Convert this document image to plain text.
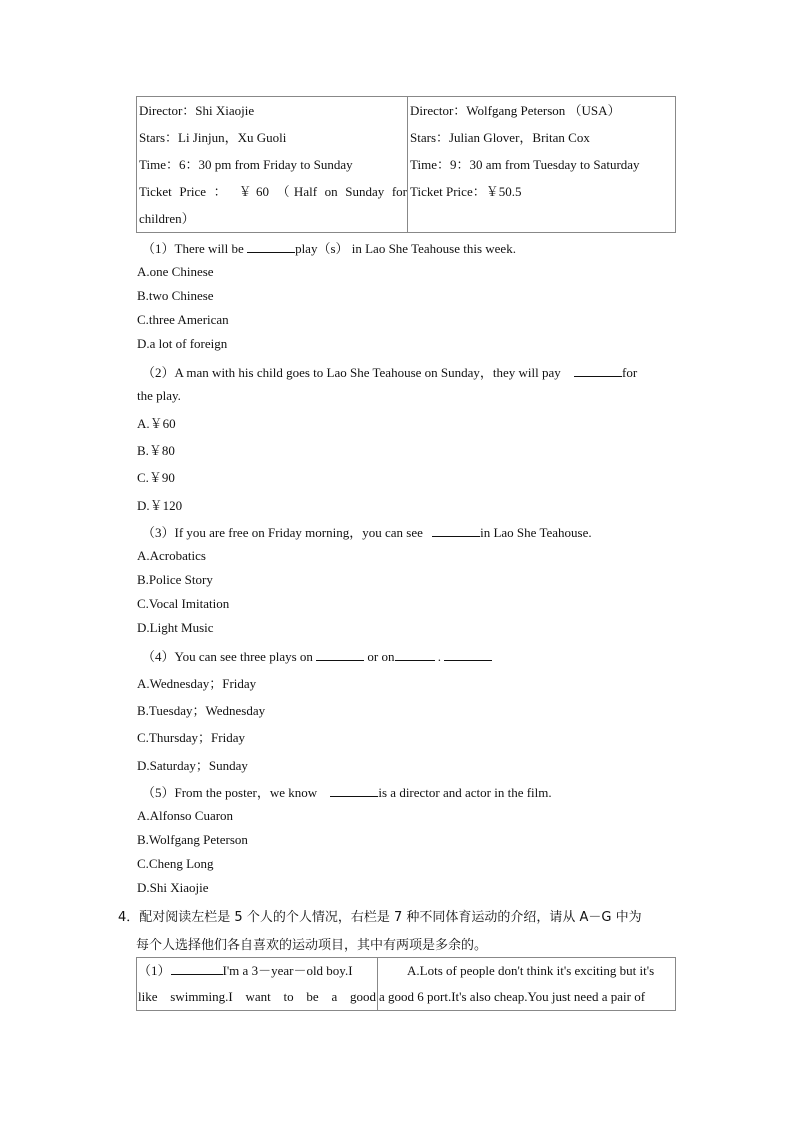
Director：Shi Xiaojie
Stars：Li Jinjun，Xu Guoli
Time：6：30 pm from Friday to Sunday
Ticket Price ： ￥60 （Half on Sunday for
children）

Director：Wolfgang Peterson （USA）
Stars：Julian Glover，Britan Cox
Time：9：30 am from Tuesday to Saturday
Ticket Price：￥50.5
（1）There will be	play（s） in Lao She Teahouse this week.
A.one Chinese
B.two Chinese
C.three American
D.a lot of foreign
（2）A man with his child goes to Lao She Teahouse on Sunday，they will pay	for
the play.
A.￥60
B.￥80
C.￥90
D.￥120
（3）If you are free on Friday morning，you can see	in Lao She Teahouse.
A.Acrobatics
B.Police Story
C.Vocal Imitation
D.Light Music
（4）You can see three plays on	or on	.
A.Wednesday；Friday
B.Tuesday；Wednesday
C.Thursday；Friday
D.Saturday；Sunday
（5）From the poster，we know	is a director and actor in the film.
A.Alfonso Cuaron
B.Wolfgang Peterson
C.Cheng Long
D.Shi Xiaojie
4．配对阅读左栏是 5 个人的个人情况，右栏是 7 种不同体育运动的介绍，请从 A－G 中为
每个人选择他们各自喜欢的运动项目，其中有两项是多余的。
（1）	I'm a 3－year－old boy.I
like swimming.I want to be a good

A.Lots of people don't think it's exciting but it's
a good 6 port.It's also cheap.You just need a pair of
